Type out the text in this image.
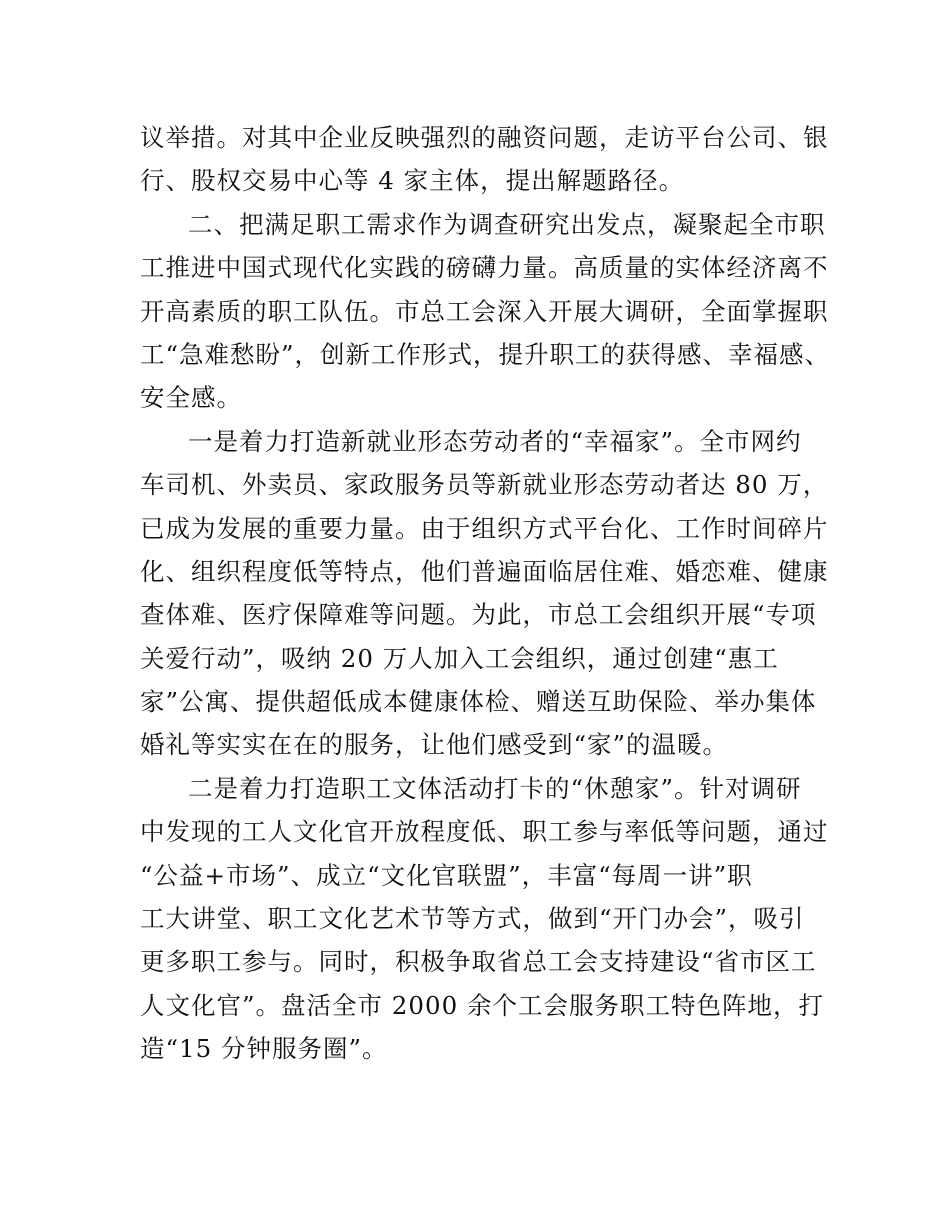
议举措。对其中企业反映强烈的融资问题，走访平台公司、银
行、股权交易中心等 4 家主体，提出解题路径。
二、把满足职工需求作为调查研究出发点，凝聚起全市职
工推进中国式现代化实践的磅礴力量。高质量的实体经济离不
开高素质的职工队伍。市总工会深入开展大调研，全面掌握职
工“急难愁盼”，创新工作形式，提升职工的获得感、幸福感、
安全感。
一是着力打造新就业形态劳动者的“幸福家”。全市网约
车司机、外卖员、家政服务员等新就业形态劳动者达 80 万，
已成为发展的重要力量。由于组织方式平台化、工作时间碎片
化、组织程度低等特点，他们普遍面临居住难、婚恋难、健康
查体难、医疗保障难等问题。为此，市总工会组织开展“专项
关爱行动”，吸纳 20 万人加入工会组织，通过创建“惠工
家”公寓、提供超低成本健康体检、赠送互助保险、举办集体
婚礼等实实在在的服务，让他们感受到“家”的温暖。
二是着力打造职工文体活动打卡的“休憩家”。针对调研
中发现的工人文化官开放程度低、职工参与率低等问题，通过
“公益+市场”、成立“文化官联盟”，丰富“每周一讲”职
工大讲堂、职工文化艺术节等方式，做到“开门办会”，吸引
更多职工参与。同时，积极争取省总工会支持建设“省市区工
人文化官”。盘活全市 2000 余个工会服务职工特色阵地，打
造“15 分钟服务圈”。
